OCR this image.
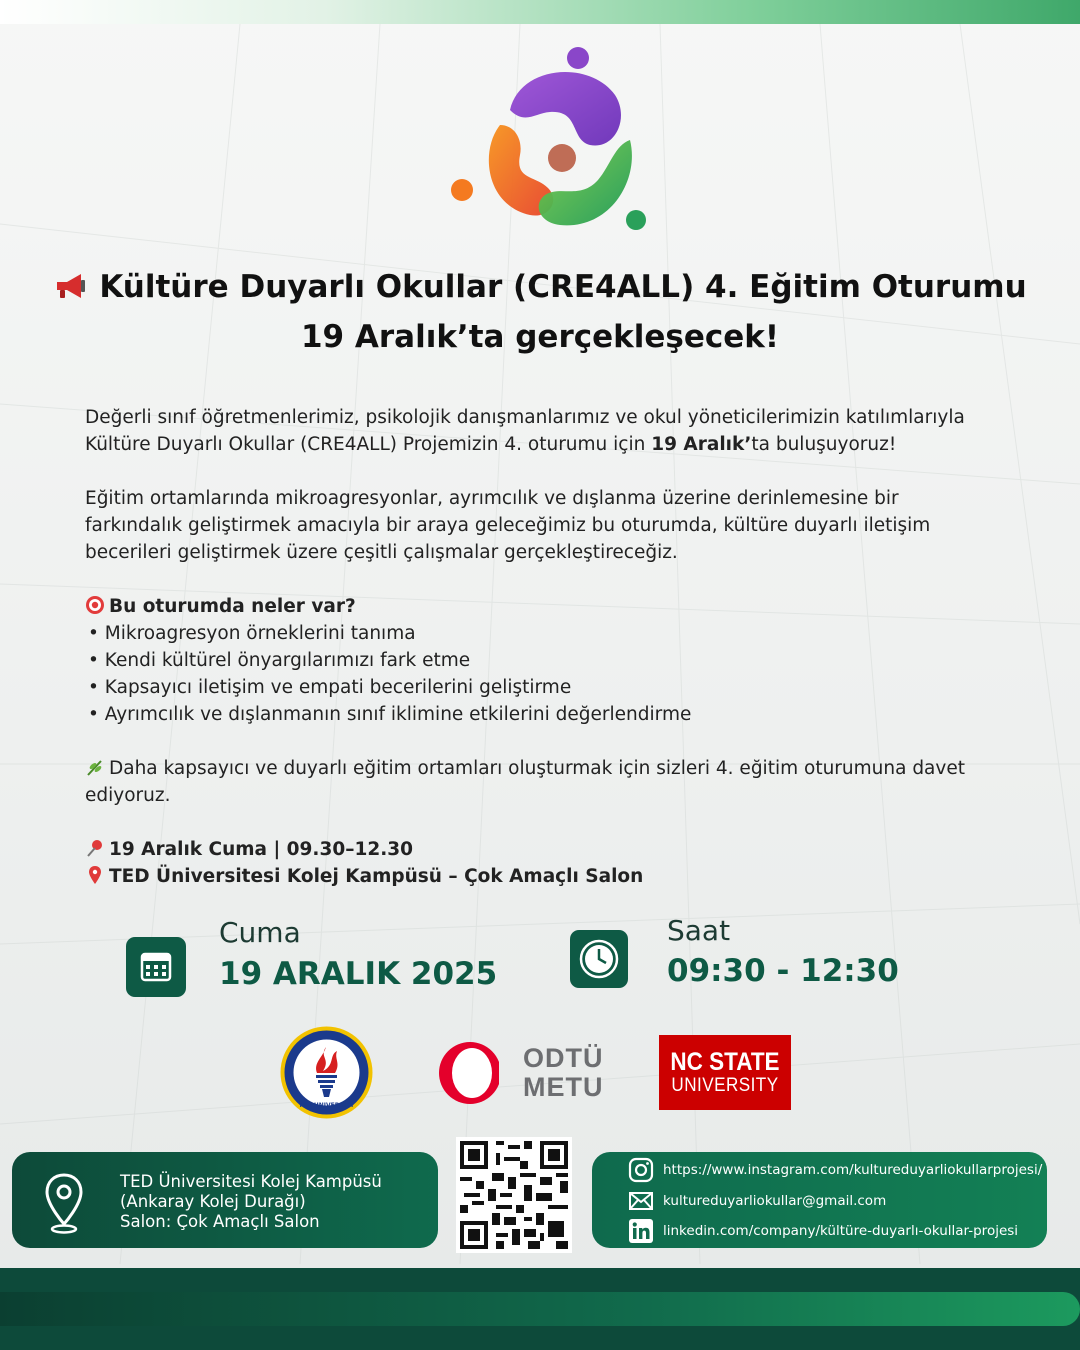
Kültüre Duyarlı Okullar (CRE4ALL) 4. Eğitim Oturumu
19 Aralık’ta gerçekleşecek!

Değerli sınıf öğretmenlerimiz, psikolojik danışmanlarımız ve okul yöneticilerimizin katılımlarıyla

Kültüre Duyarlı Okullar (CRE4ALL) Projemizin 4. oturumu için 19 Aralık’ta buluşuyoruz!

Eğitim ortamlarında mikroagresyonlar, ayrımcılık ve dışlanma üzerine derinlemesine bir

farkındalık geliştirmek amacıyla bir araya geleceğimiz bu oturumda, kültüre duyarlı iletişim

becerileri geliştirmek üzere çeşitli çalışmalar gerçekleştireceğiz.

Bu oturumda neler var?

• Mikroagresyon örneklerini tanıma
• Kendi kültürel önyargılarımızı fark etme
• Kapsayıcı iletişim ve empati becerilerini geliştirme
• Ayrımcılık ve dışlanmanın sınıf iklimine etkilerini değerlendirme

Daha kapsayıcı ve duyarlı eğitim ortamları oluşturmak için sizleri 4. eğitim oturumuna davet

ediyoruz.

19 Aralık Cuma | 09.30–12.30

TED Üniversitesi Kolej Kampüsü – Çok Amaçlı Salon

Cuma
19 ARALIK 2025
Saat
09:30 - 12:30
TED UNIVERSITY
ODTÜ
METU
NC STATE
UNIVERSITY
TED Üniversitesi Kolej Kampüsü
(Ankaray Kolej Durağı)
Salon: Çok Amaçlı Salon
https://www.instagram.com/kultureduyarliokullarprojesi/
kultureduyarliokullar@gmail.com
linkedin.com/company/kültüre-duyarlı-okullar-projesi
